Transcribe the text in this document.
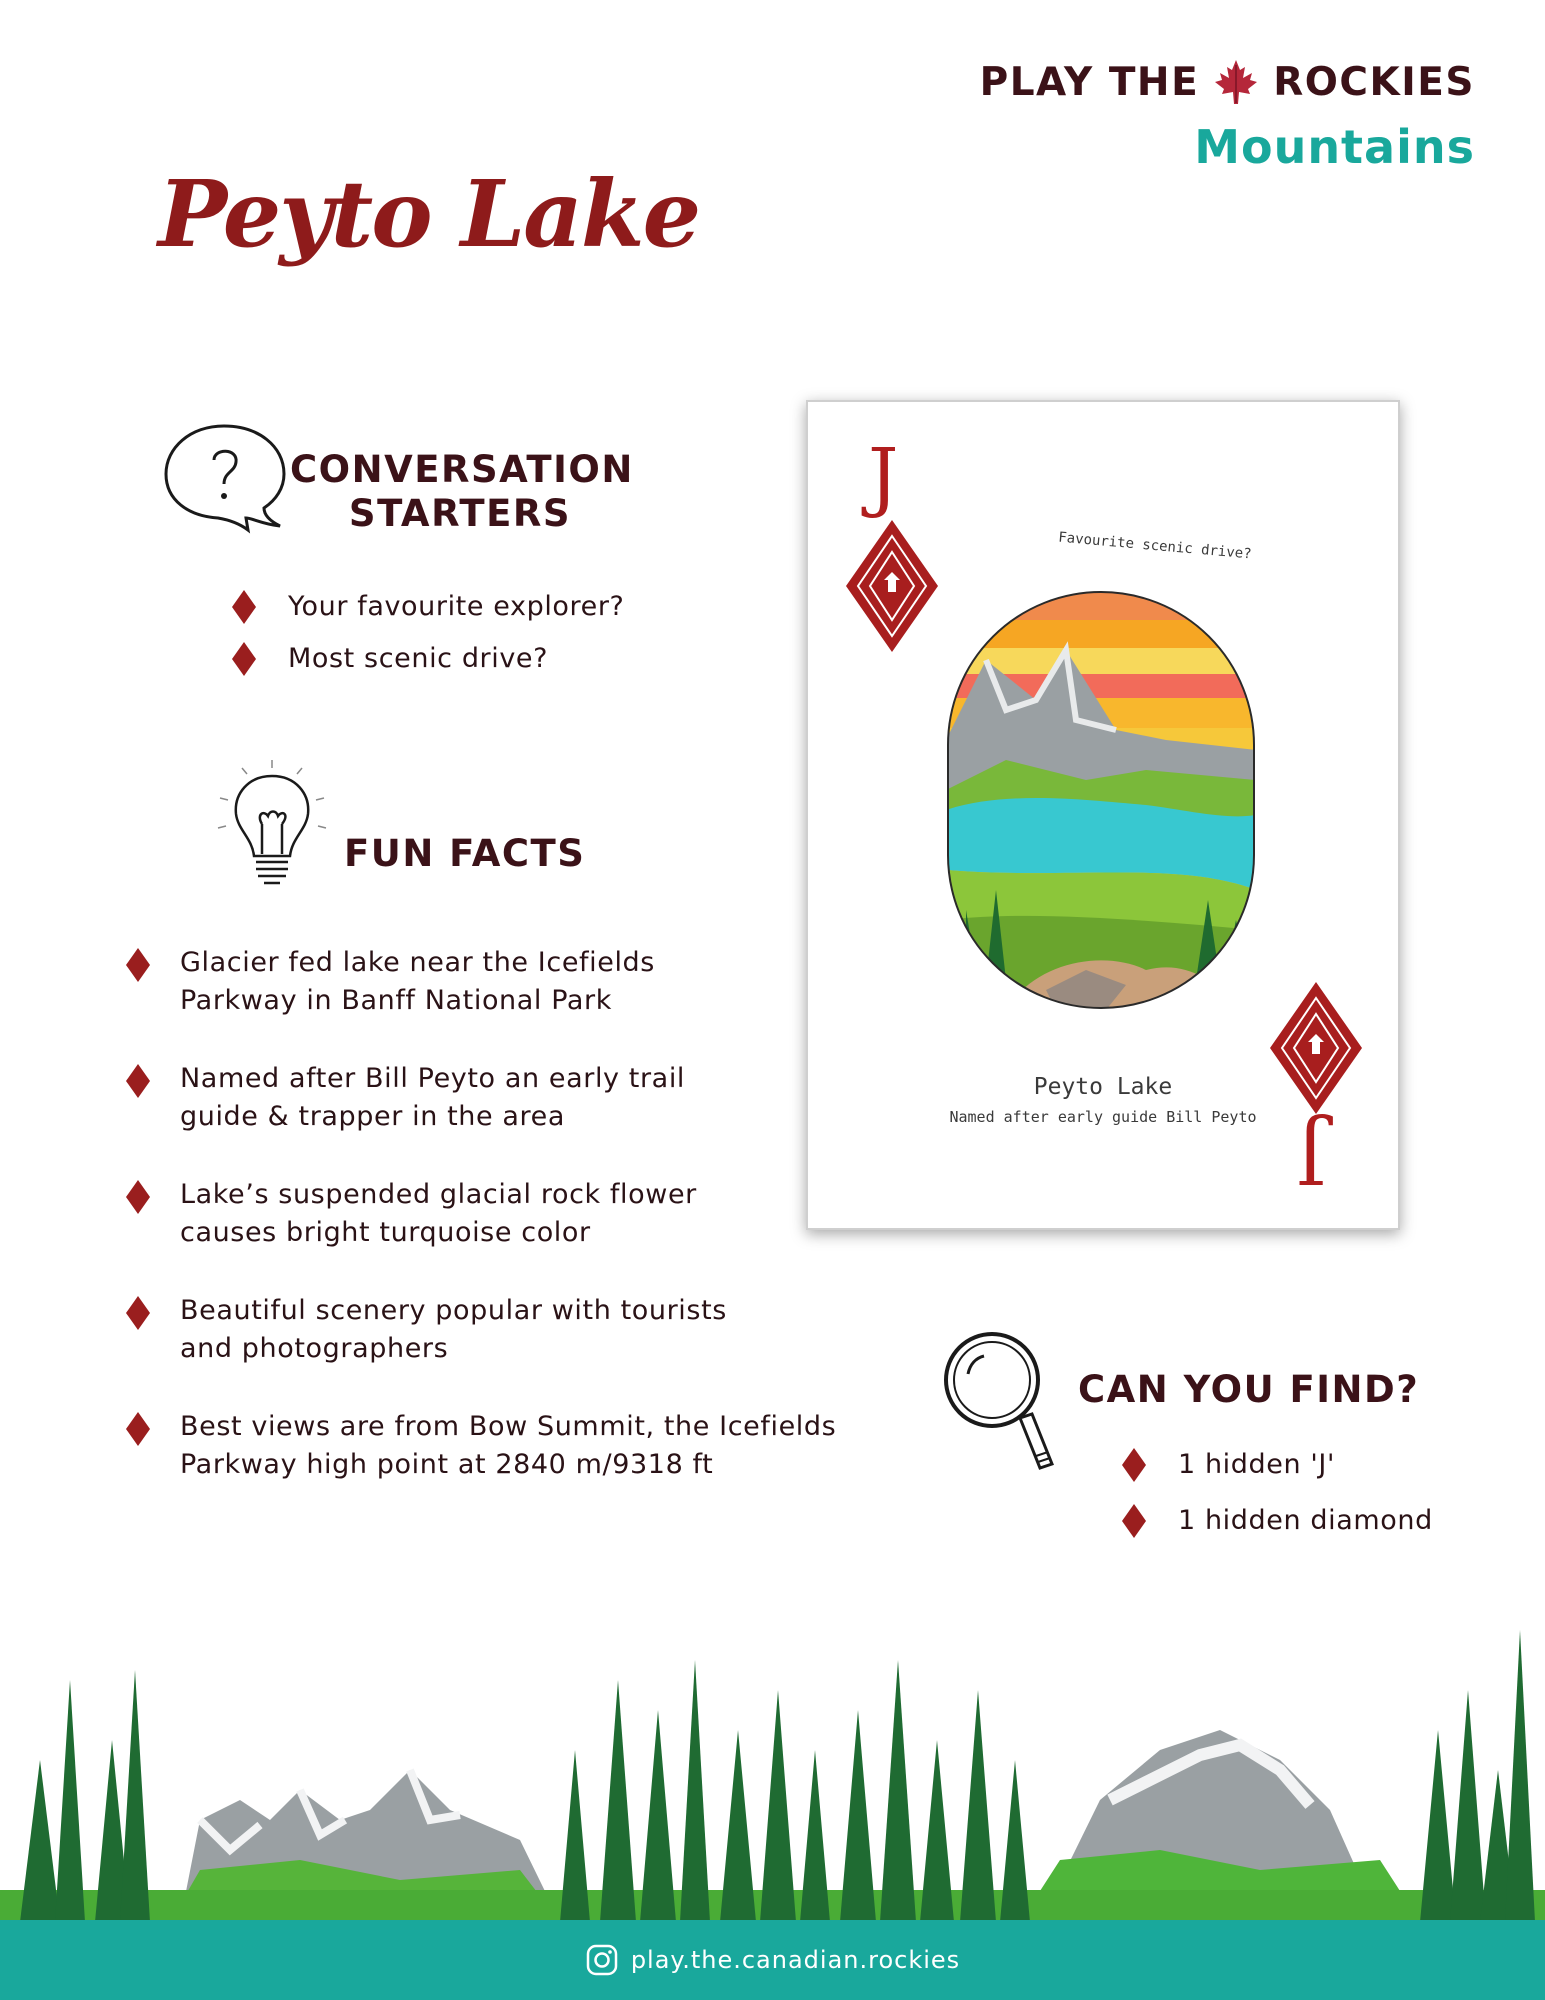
PLAY THE ROCKIES
Mountains
Peyto Lake
CONVERSATION
STARTERS
Your favourite explorer?
Most scenic drive?
FUN FACTS
Glacier fed lake near the Icefields
Parkway in Banff National Park
Named after Bill Peyto an early trail
guide & trapper in the area
Lake’s suspended glacial rock flower
causes bright turquoise color
Beautiful scenery popular with tourists
and photographers
Best views are from Bow Summit, the Icefields
Parkway high point at 2840 m/9318 ft
J
Favourite scenic drive?
Peyto Lake
Named after early guide Bill Peyto J
CAN YOU FIND?
1 hidden 'J'
1 hidden diamond
play.the.canadian.rockies
